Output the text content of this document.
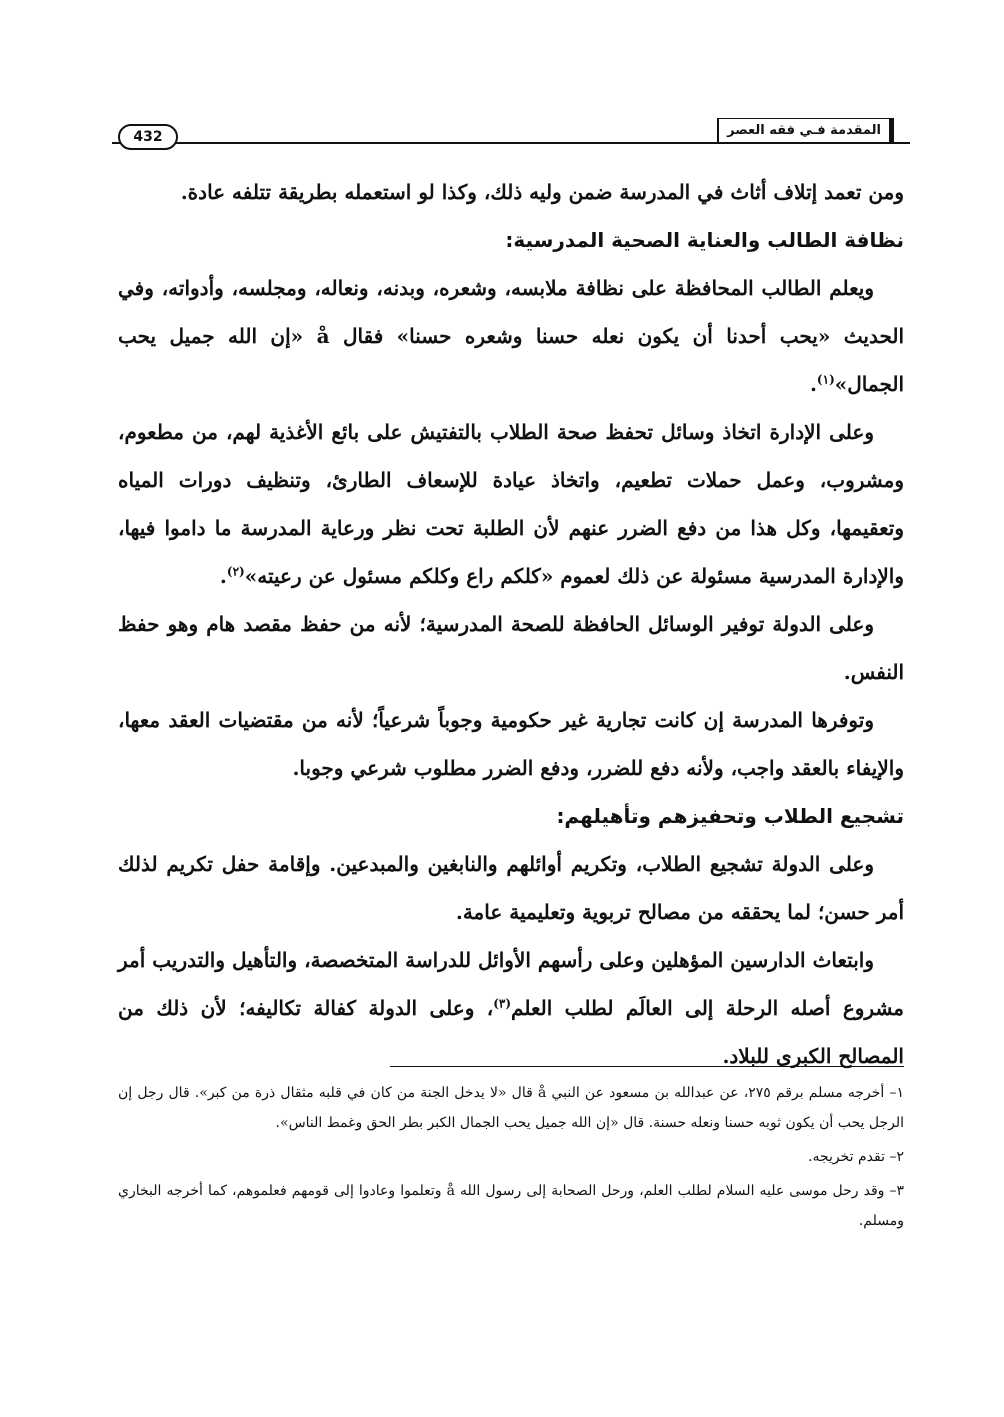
المقدمة فـي فقه العصر
432

ومن تعمد إتلاف أثاث في المدرسة ضمن وليه ذلك، وكذا لو استعمله بطريقة تتلفه عادة.

نظافة الطالب والعناية الصحية المدرسية:

ويعلم الطالب المحافظة على نظافة ملابسه، وشعره، وبدنه، ونعاله، ومجلسه، وأدواته، وفي الحديث «يحب أحدنا أن يكون نعله حسنا وشعره حسنا» فقال å «إن الله جميل يحب الجمال»$^{(١)}$.

وعلى الإدارة اتخاذ وسائل تحفظ صحة الطلاب بالتفتيش على بائع الأغذية لهم، من مطعوم، ومشروب، وعمل حملات تطعيم، واتخاذ عيادة للإسعاف الطارئ، وتنظيف دورات المياه وتعقيمها، وكل هذا من دفع الضرر عنهم لأن الطلبة تحت نظر ورعاية المدرسة ما داموا فيها، والإدارة المدرسية مسئولة عن ذلك لعموم «كلكم راع وكلكم مسئول عن رعيته»$^{(٢)}$.

وعلى الدولة توفير الوسائل الحافظة للصحة المدرسية؛ لأنه من حفظ مقصد هام وهو حفظ النفس.

وتوفرها المدرسة إن كانت تجارية غير حكومية وجوباً شرعياً؛ لأنه من مقتضيات العقد معها، والإيفاء بالعقد واجب، ولأنه دفع للضرر، ودفع الضرر مطلوب شرعي وجوبا.

تشجيع الطلاب وتحفيزهم وتأهيلهم:

وعلى الدولة تشجيع الطلاب، وتكريم أوائلهم والنابغين والمبدعين. وإقامة حفل تكريم لذلك أمر حسن؛ لما يحققه من مصالح تربوية وتعليمية عامة.

وابتعاث الدارسين المؤهلين وعلى رأسهم الأوائل للدراسة المتخصصة، والتأهيل والتدريب أمر مشروع أصله الرحلة إلى العالَم لطلب العلم$^{(٣)}$، وعلى الدولة كفالة تكاليفه؛ لأن ذلك من المصالح الكبرى للبلاد.

١– أخرجه مسلم برقم ٢٧٥، عن عبدالله بن مسعود عن النبي å قال «لا يدخل الجنة من كان في قلبه مثقال ذرة من كبر». قال رجل إن الرجل يحب أن يكون ثوبه حسنا ونعله حسنة. قال «إن الله جميل يحب الجمال الكبر بطر الحق وغمط الناس».

٢– تقدم تخريجه.

٣– وقد رحل موسى عليه السلام لطلب العلم، ورحل الصحابة إلى رسول الله å وتعلموا وعادوا إلى قومهم فعلموهم، كما أخرجه البخاري ومسلم.
